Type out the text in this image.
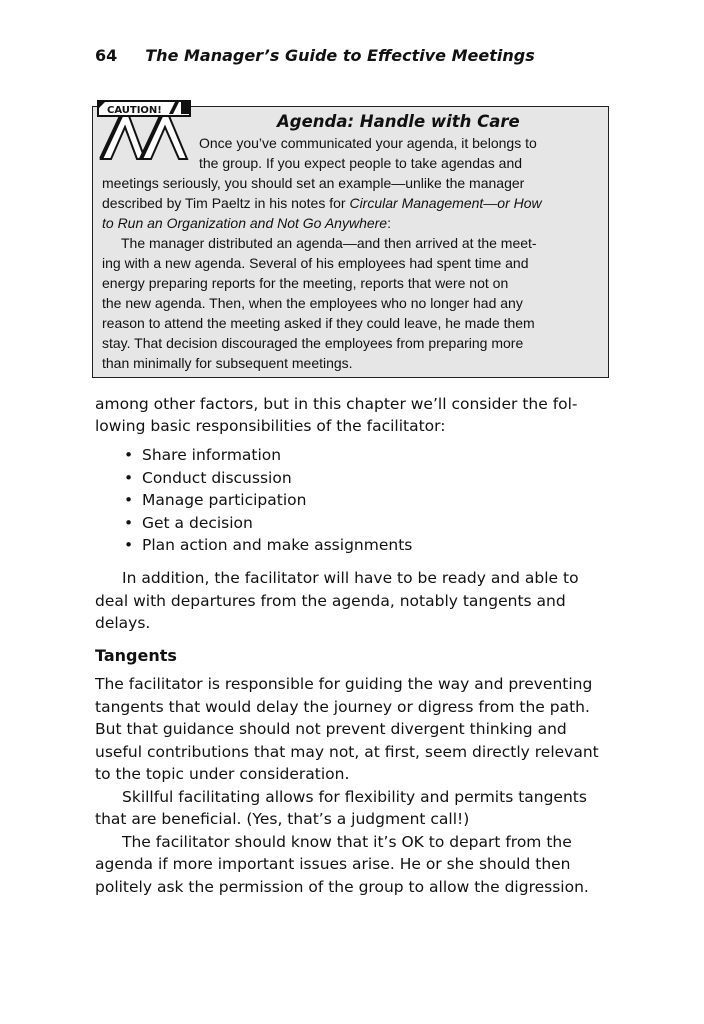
64 The Manager’s Guide to Effective Meetings
CAUTION!
Agenda: Handle with Care
Once you’ve communicated your agenda, it belongs to
the group. If you expect people to take agendas and
meetings seriously, you should set an example—unlike the manager
described by Tim Paeltz in his notes for Circular Management—or How
to Run an Organization and Not Go Anywhere:
The manager distributed an agenda—and then arrived at the meet-
ing with a new agenda. Several of his employees had spent time and
energy preparing reports for the meeting, reports that were not on
the new agenda. Then, when the employees who no longer had any
reason to attend the meeting asked if they could leave, he made them
stay. That decision discouraged the employees from preparing more
than minimally for subsequent meetings.
among other factors, but in this chapter we’ll consider the fol-
lowing basic responsibilities of the facilitator:
• Share information
• Conduct discussion
• Manage participation
• Get a decision
• Plan action and make assignments
In addition, the facilitator will have to be ready and able to
deal with departures from the agenda, notably tangents and
delays.
Tangents
The facilitator is responsible for guiding the way and preventing
tangents that would delay the journey or digress from the path.
But that guidance should not prevent divergent thinking and
useful contributions that may not, at first, seem directly relevant
to the topic under consideration.
Skillful facilitating allows for flexibility and permits tangents
that are beneficial. (Yes, that’s a judgment call!)
The facilitator should know that it’s OK to depart from the
agenda if more important issues arise. He or she should then
politely ask the permission of the group to allow the digression.
